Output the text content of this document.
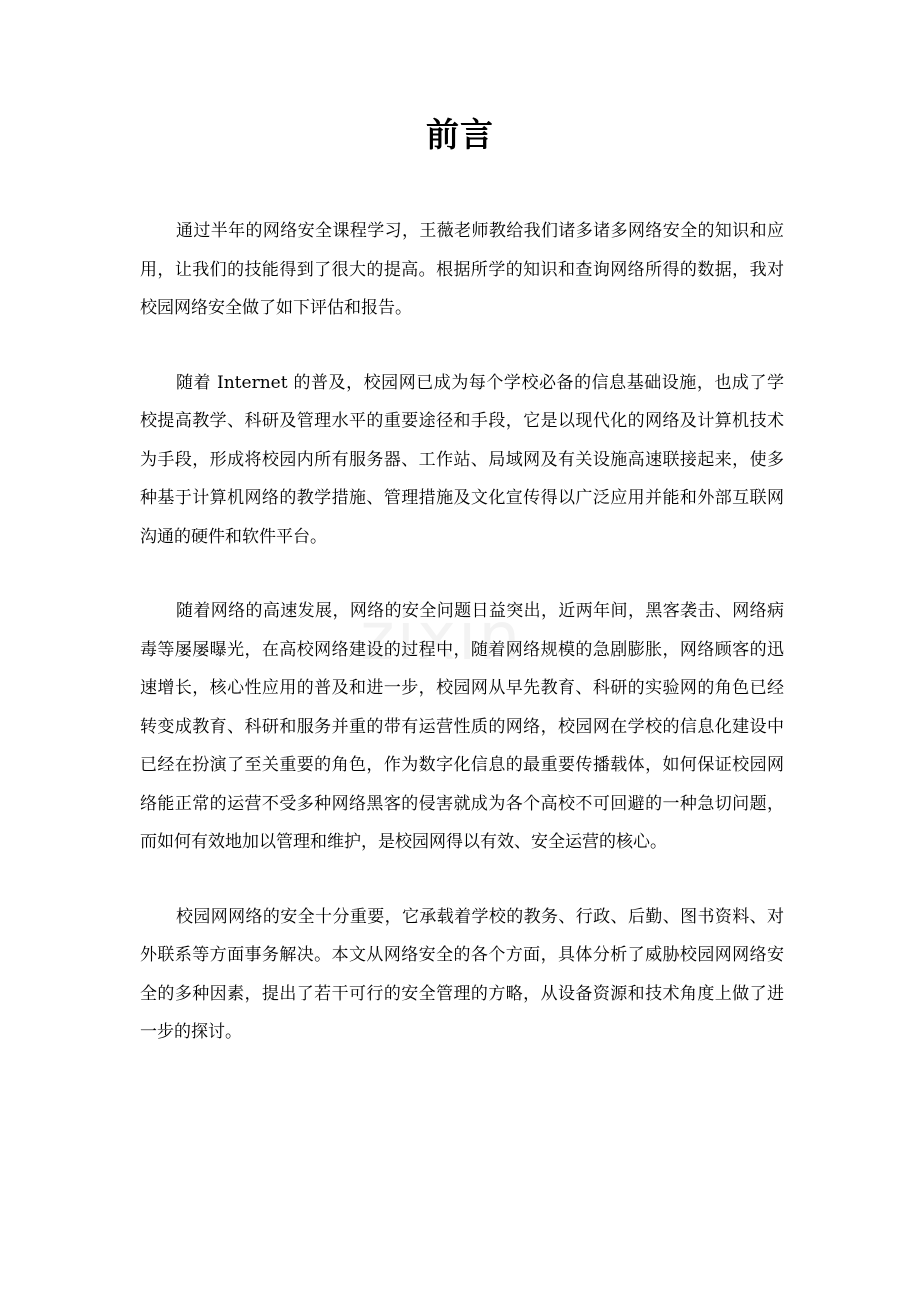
前言

通过半年的网络安全课程学习，王薇老师教给我们诸多诸多网络安全的知识和应用，让我们的技能得到了很大的提高。根据所学的知识和查询网络所得的数据，我对校园网络安全做了如下评估和报告。

随着 Internet 的普及，校园网已成为每个学校必备的信息基础设施，也成了学校提高教学、科研及管理水平的重要途径和手段，它是以现代化的网络及计算机技术为手段，形成将校园内所有服务器、工作站、局域网及有关设施高速联接起来，使多种基于计算机网络的教学措施、管理措施及文化宣传得以广泛应用并能和外部互联网沟通的硬件和软件平台。

随着网络的高速发展，网络的安全问题日益突出，近两年间，黑客袭击、网络病毒等屡屡曝光，在高校网络建设的过程中，随着网络规模的急剧膨胀，网络顾客的迅速增长，核心性应用的普及和进一步，校园网从早先教育、科研的实验网的角色已经转变成教育、科研和服务并重的带有运营性质的网络，校园网在学校的信息化建设中已经在扮演了至关重要的角色，作为数字化信息的最重要传播载体，如何保证校园网络能正常的运营不受多种网络黑客的侵害就成为各个高校不可回避的一种急切问题，而如何有效地加以管理和维护，是校园网得以有效、安全运营的核心。

校园网网络的安全十分重要，它承载着学校的教务、行政、后勤、图书资料、对外联系等方面事务解决。本文从网络安全的各个方面，具体分析了威胁校园网网络安全的多种因素，提出了若干可行的安全管理的方略，从设备资源和技术角度上做了进一步的探讨。
